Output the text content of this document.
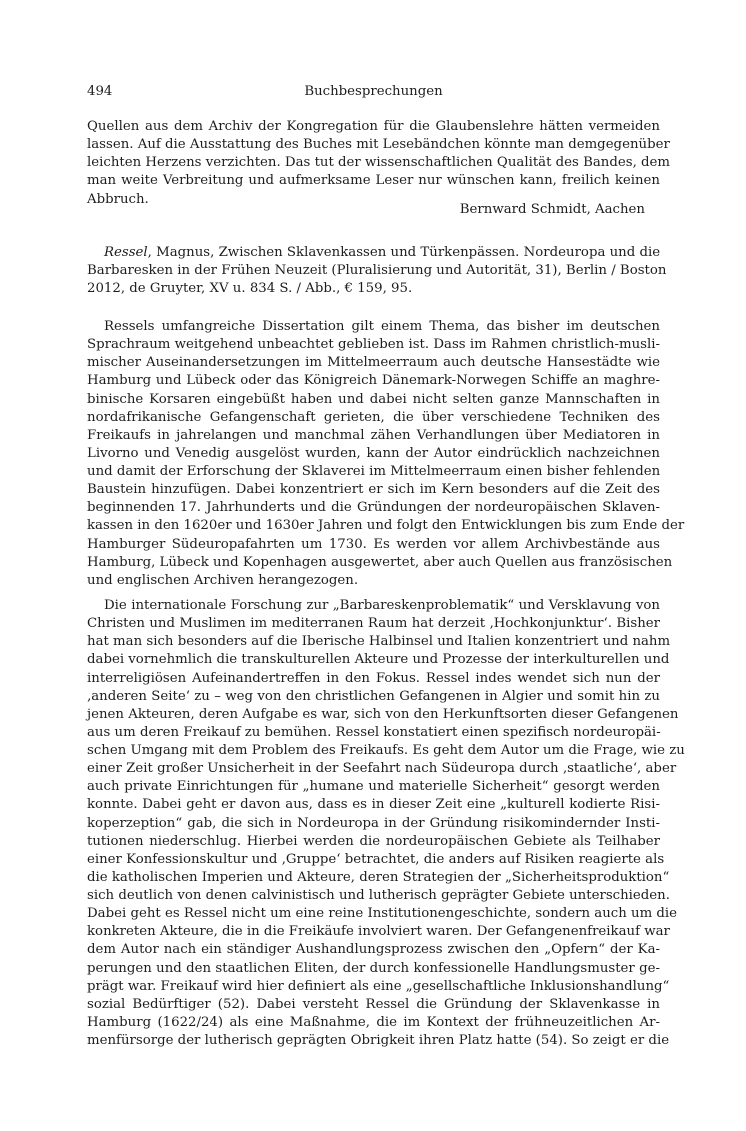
494	Buchbesprechungen
Quellen aus dem Archiv der Kongregation für die Glaubenslehre hätten vermeiden
lassen. Auf die Ausstattung des Buches mit Lesebändchen könnte man demgegenüber
leichten Herzens verzichten. Das tut der wissenschaftlichen Qualität des Bandes, dem
man weite Verbreitung und aufmerksame Leser nur wünschen kann, freilich keinen
Abbruch.
Bernward Schmidt, Aachen
Ressel, Magnus, Zwischen Sklavenkassen und Türkenpässen. Nordeuropa und die
Barbaresken in der Frühen Neuzeit (Pluralisierung und Autorität, 31), Berlin / Boston
2012, de Gruyter, XV u. 834 S. / Abb., € 159, 95.
Ressels umfangreiche Dissertation gilt einem Thema, das bisher im deutschen
Sprachraum weitgehend unbeachtet geblieben ist. Dass im Rahmen christlich-musli-
mischer Auseinandersetzungen im Mittelmeerraum auch deutsche Hansestädte wie
Hamburg und Lübeck oder das Königreich Dänemark-Norwegen Schiffe an maghre-
binische Korsaren eingebüßt haben und dabei nicht selten ganze Mannschaften in
nordafrikanische Gefangenschaft gerieten, die über verschiedene Techniken des
Freikaufs in jahrelangen und manchmal zähen Verhandlungen über Mediatoren in
Livorno und Venedig ausgelöst wurden, kann der Autor eindrücklich nachzeichnen
und damit der Erforschung der Sklaverei im Mittelmeerraum einen bisher fehlenden
Baustein hinzufügen. Dabei konzentriert er sich im Kern besonders auf die Zeit des
beginnenden 17. Jahrhunderts und die Gründungen der nordeuropäischen Sklaven-
kassen in den 1620er und 1630er Jahren und folgt den Entwicklungen bis zum Ende der
Hamburger Südeuropafahrten um 1730. Es werden vor allem Archivbestände aus
Hamburg, Lübeck und Kopenhagen ausgewertet, aber auch Quellen aus französischen
und englischen Archiven herangezogen.
Die internationale Forschung zur „Barbareskenproblematik“ und Versklavung von
Christen und Muslimen im mediterranen Raum hat derzeit ‚Hochkonjunktur‘. Bisher
hat man sich besonders auf die Iberische Halbinsel und Italien konzentriert und nahm
dabei vornehmlich die transkulturellen Akteure und Prozesse der interkulturellen und
interreligiösen Aufeinandertreffen in den Fokus. Ressel indes wendet sich nun der
‚anderen Seite‘ zu – weg von den christlichen Gefangenen in Algier und somit hin zu
jenen Akteuren, deren Aufgabe es war, sich von den Herkunftsorten dieser Gefangenen
aus um deren Freikauf zu bemühen. Ressel konstatiert einen spezifisch nordeuropäi-
schen Umgang mit dem Problem des Freikaufs. Es geht dem Autor um die Frage, wie zu
einer Zeit großer Unsicherheit in der Seefahrt nach Südeuropa durch ‚staatliche‘, aber
auch private Einrichtungen für „humane und materielle Sicherheit“ gesorgt werden
konnte. Dabei geht er davon aus, dass es in dieser Zeit eine „kulturell kodierte Risi-
koperzeption“ gab, die sich in Nordeuropa in der Gründung risikomindernder Insti-
tutionen niederschlug. Hierbei werden die nordeuropäischen Gebiete als Teilhaber
einer Konfessionskultur und ‚Gruppe‘ betrachtet, die anders auf Risiken reagierte als
die katholischen Imperien und Akteure, deren Strategien der „Sicherheitsproduktion“
sich deutlich von denen calvinistisch und lutherisch geprägter Gebiete unterschieden.
Dabei geht es Ressel nicht um eine reine Institutionengeschichte, sondern auch um die
konkreten Akteure, die in die Freikäufe involviert waren. Der Gefangenenfreikauf war
dem Autor nach ein ständiger Aushandlungsprozess zwischen den „Opfern“ der Ka-
perungen und den staatlichen Eliten, der durch konfessionelle Handlungsmuster ge-
prägt war. Freikauf wird hier definiert als eine „gesellschaftliche Inklusionshandlung“
sozial Bedürftiger (52). Dabei versteht Ressel die Gründung der Sklavenkasse in
Hamburg (1622/24) als eine Maßnahme, die im Kontext der frühneuzeitlichen Ar-
menfürsorge der lutherisch geprägten Obrigkeit ihren Platz hatte (54). So zeigt er die
